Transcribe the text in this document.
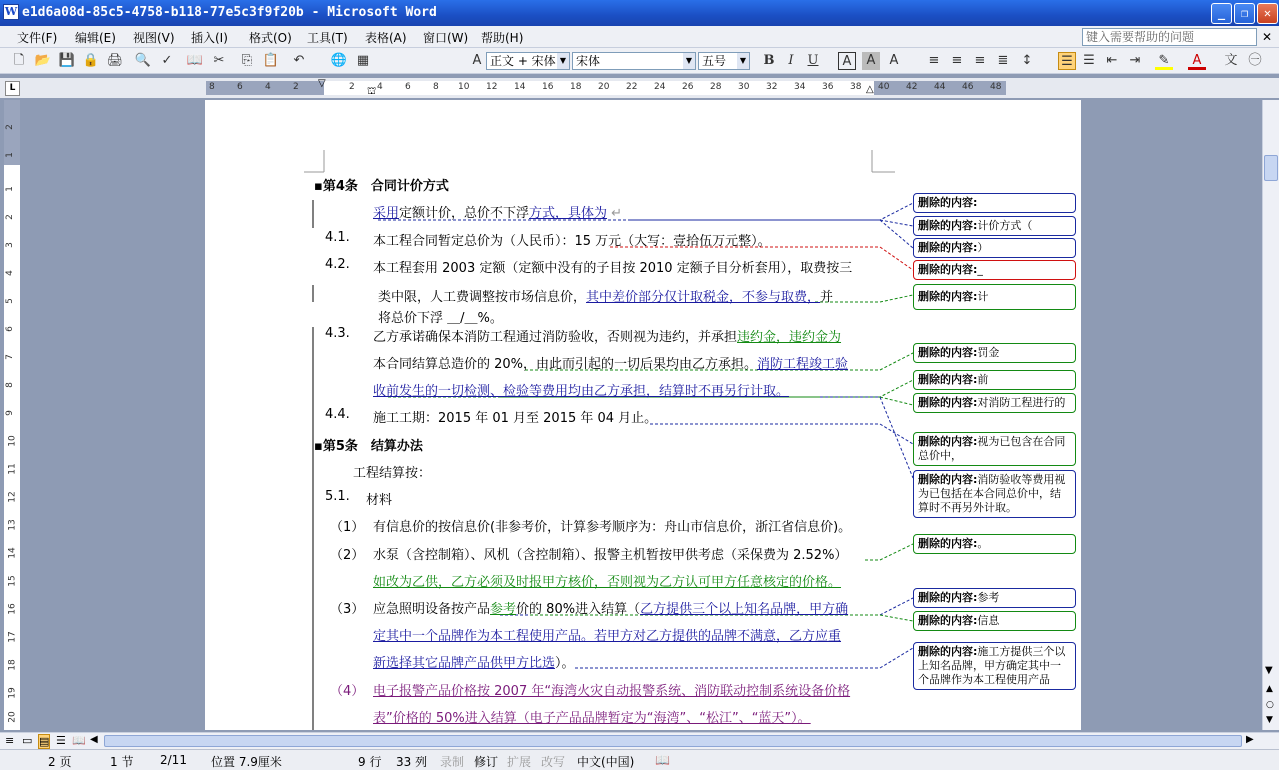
W e1d6a08d-85c5-4758-b118-77e5c3f9f20b - Microsoft Word	_	❐	✕
文件(F) 编辑(E) 视图(V) 插入(I) 格式(O) 工具(T) 表格(A) 窗口(W) 帮助(H)	键入需要帮助的问题	✕
🗋 📂 💾 🔒 🖨 🔍 ✓ 📖 ✂ ⎘ 📋 ↶ 🌐 ▦	A 正文 + 宋体 ▼ 宋体	▼ 五号	▼ B	I	U	A	A	A	≡ ≡ ≡ ≣ ↕ ☰ ☰ ⇤ ⇥ ✎	A	文 ㊀
L	8 6 4 2	2 4 6 8 10 12 14 16 18 20 22 24 26 28 30 32 34 36 38 40 42 44 46 48
▽
⛫	△
2
1
1
2
3
4
5
6
7
8
9
10
11
12
13
14
15
16
17
18
19
20
▪第4条　合同计价方式
采用定额计价，总价不下浮方式，具体为 ↵
4.1. 本工程合同暂定总价为（人民币）：15 万元（大写：壹拾伍万元整）。
4.2. 本工程套用 2003 定额（定额中没有的子目按 2010 定额子目分析套用），取费按三
类中限，人工费调整按市场信息价，其中差价部分仅计取税金，不参与取费，并
将总价下浮 ＿/＿%。
4.3. 乙方承诺确保本消防工程通过消防验收，否则视为违约，并承担违约金，违约金为
本合同结算总造价的 20%，由此而引起的一切后果均由乙方承担。消防工程竣工验
收前发生的一切检测、检验等费用均由乙方承担，结算时不再另行计取。
4.4. 施工工期：2015 年 01 月至 2015 年 04 月止。
▪第5条　结算办法
工程结算按：
5.1. 材料
（1） 有信息价的按信息价(非参考价，计算参考顺序为：舟山市信息价，浙江省信息价)。
（2） 水泵（含控制箱）、风机（含控制箱）、报警主机暂按甲供考虑（采保费为 2.52%）
如改为乙供，乙方必须及时报甲方核价，否则视为乙方认可甲方任意核定的价格。
（3） 应急照明设备按产品参考价的 80%进入结算（乙方提供三个以上知名品牌，甲方确
定其中一个品牌作为本工程使用产品。若甲方对乙方提供的品牌不满意，乙方应重
新选择其它品牌产品供甲方比选）。
（4） 电子报警产品价格按 2007 年“海湾火灾自动报警系统、消防联动控制系统设备价格
表”价格的 50%进入结算（电子产品品牌暂定为“海湾”、“松江”、“蓝天”）。
删除的内容:
删除的内容:计价方式（
删除的内容:）
删除的内容:_
删除的内容:计
删除的内容:罚金
删除的内容:前
删除的内容:对消防工程进行的
删除的内容:视为已包含在合同总价中，
删除的内容:消防验收等费用视为已包括在本合同总价中，结算时不再另外计取。
删除的内容:。
删除的内容:参考
删除的内容:信息
删除的内容:施工方提供三个以上知名品牌，甲方确定其中一个品牌作为本工程使用产品
▼
▲
○
▼
≡ ▭ ▤ ☰ 📖 ◀	▶
2 页	1 节 2/11 位置 7.9厘米	9 行 33 列 录制 修订 扩展 改写 中文(中国) 📖
